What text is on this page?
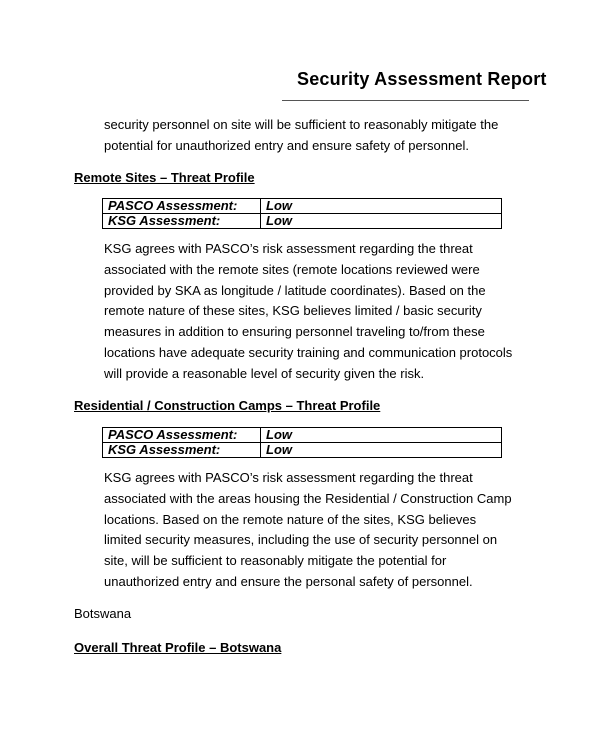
Security Assessment Report
security personnel on site will be sufficient to reasonably mitigate the
potential for unauthorized entry and ensure safety of personnel.
Remote Sites – Threat Profile
PASCO Assessment:	Low
KSG Assessment:	Low
KSG agrees with PASCO’s risk assessment regarding the threat
associated with the remote sites (remote locations reviewed were
provided by SKA as longitude / latitude coordinates). Based on the
remote nature of these sites, KSG believes limited / basic security
measures in addition to ensuring personnel traveling to/from these
locations have adequate security training and communication protocols
will provide a reasonable level of security given the risk.
Residential / Construction Camps – Threat Profile
PASCO Assessment:	Low
KSG Assessment:	Low
KSG agrees with PASCO’s risk assessment regarding the threat
associated with the areas housing the Residential / Construction Camp
locations. Based on the remote nature of the sites, KSG believes
limited security measures, including the use of security personnel on
site, will be sufficient to reasonably mitigate the potential for
unauthorized entry and ensure the personal safety of personnel.
Botswana
Overall Threat Profile – Botswana
